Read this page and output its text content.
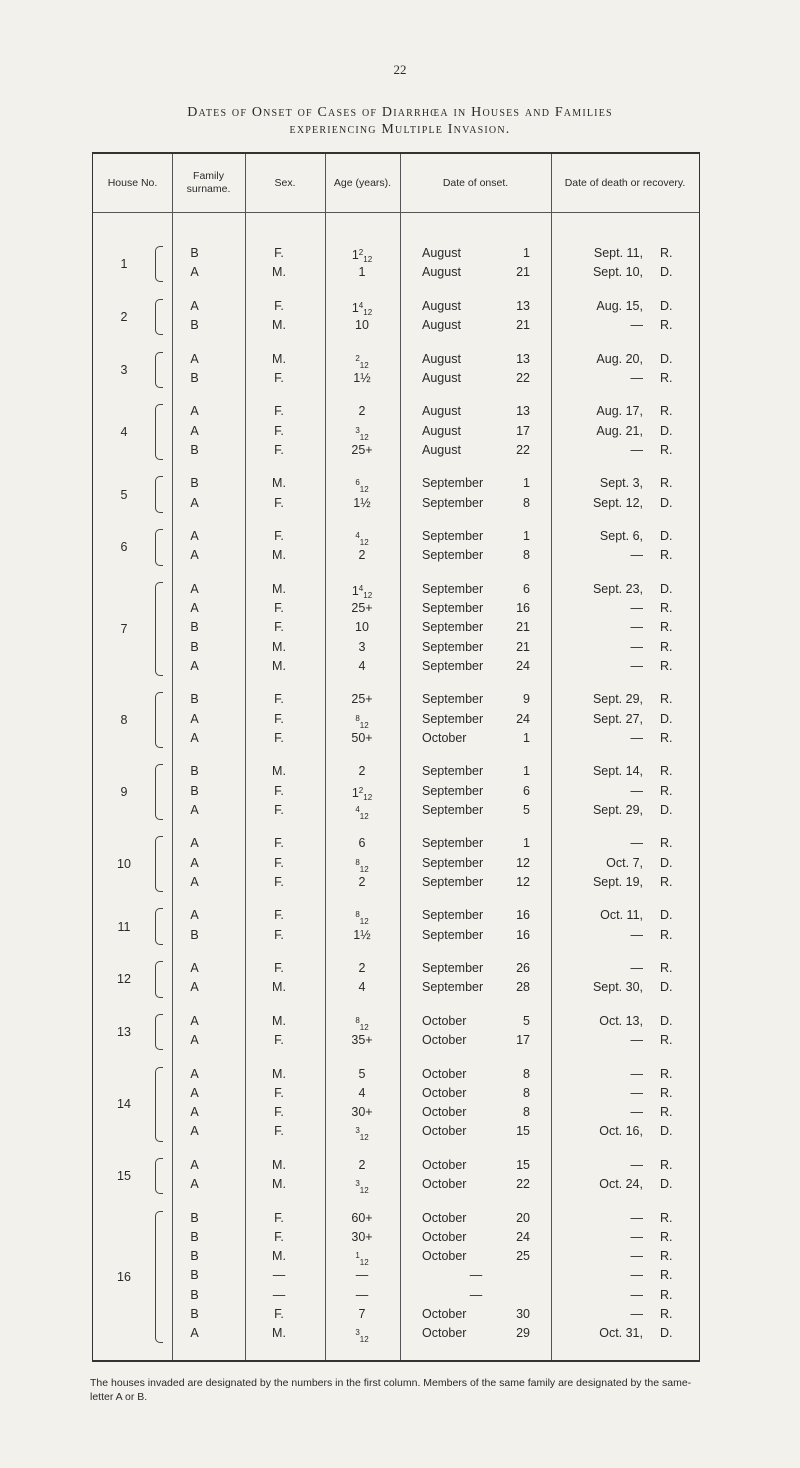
22
Dates of Onset of Cases of Diarrhœa in Houses and Families
experiencing Multiple Invasion.
House No.
Family surname.
Sex.	Age (years).	Date of onset.	Date of death or recovery.
1
B	F.	$1^2_{12}$	August	1	Sept. 11, R.
A	M.	1	August	21	Sept. 10, D.
2
A	F.	$1^4_{12}$	August	13	Aug. 15, D.
B	M.	10	August	21	— R.
3
A	M.	$^2_{12}$	August	13	Aug. 20, D.
B	F.	1½	August	22	— R.
4
A	F.	2	August	13	Aug. 17, R.
A	F.	$^3_{12}$	August	17	Aug. 21, D.
B	F.	25+	August	22	— R.
5
B	M.	$^6_{12}$	September	1	Sept. 3, R.
A	F.	1½	September	8	Sept. 12, D.
6
A	F.	$^4_{12}$	September	1	Sept. 6, D.
A	M.	2	September	8	— R.
7
A	M.	$1^4_{12}$	September	6	Sept. 23, D.
A	F.	25+	September	16	— R.
B	F.	10	September	21	— R.
B	M.	3	September	21	— R.
A	M.	4	September	24	— R.
8
B	F.	25+	September	9	Sept. 29, R.
A	F.	$^8_{12}$	September	24	Sept. 27, D.
A	F.	50+	October	1	— R.
9
B	M.	2	September	1	Sept. 14, R.
B	F.	$1^2_{12}$	September	6	— R.
A	F.	$^4_{12}$	September	5	Sept. 29, D.
10
A	F.	6	September	1	— R.
A	F.	$^8_{12}$	September	12	Oct. 7, D.
A	F.	2	September	12	Sept. 19, R.
11
A	F.	$^8_{12}$	September	16	Oct. 11, D.
B	F.	1½	September	16	— R.
12
A	F.	2	September	26	— R.
A	M.	4	September	28	Sept. 30, D.
13
A	M.	$^8_{12}$	October	5	Oct. 13, D.
A	F.	35+	October	17	— R.
14
A	M.	5	October	8	— R.
A	F.	4	October	8	— R.
A	F.	30+	October	8	— R.
A	F.	$^3_{12}$	October	15	Oct. 16, D.
15
A	M.	2	October	15	— R.
A	M.	$^3_{12}$	October	22	Oct. 24, D.
16
B	F.	60+	October	20	— R.
B	F.	30+	October	24	— R.
B	M.	$^1_{12}$	October	25	— R.
B	—	—	—	— R.
B	—	—	—	— R.
B	F.	7	October	30	— R.
A	M.	$^3_{12}$	October	29	Oct. 31, D.
The houses invaded are designated by the numbers in the first column. Members of the same family are designated by the same-letter A or B.
